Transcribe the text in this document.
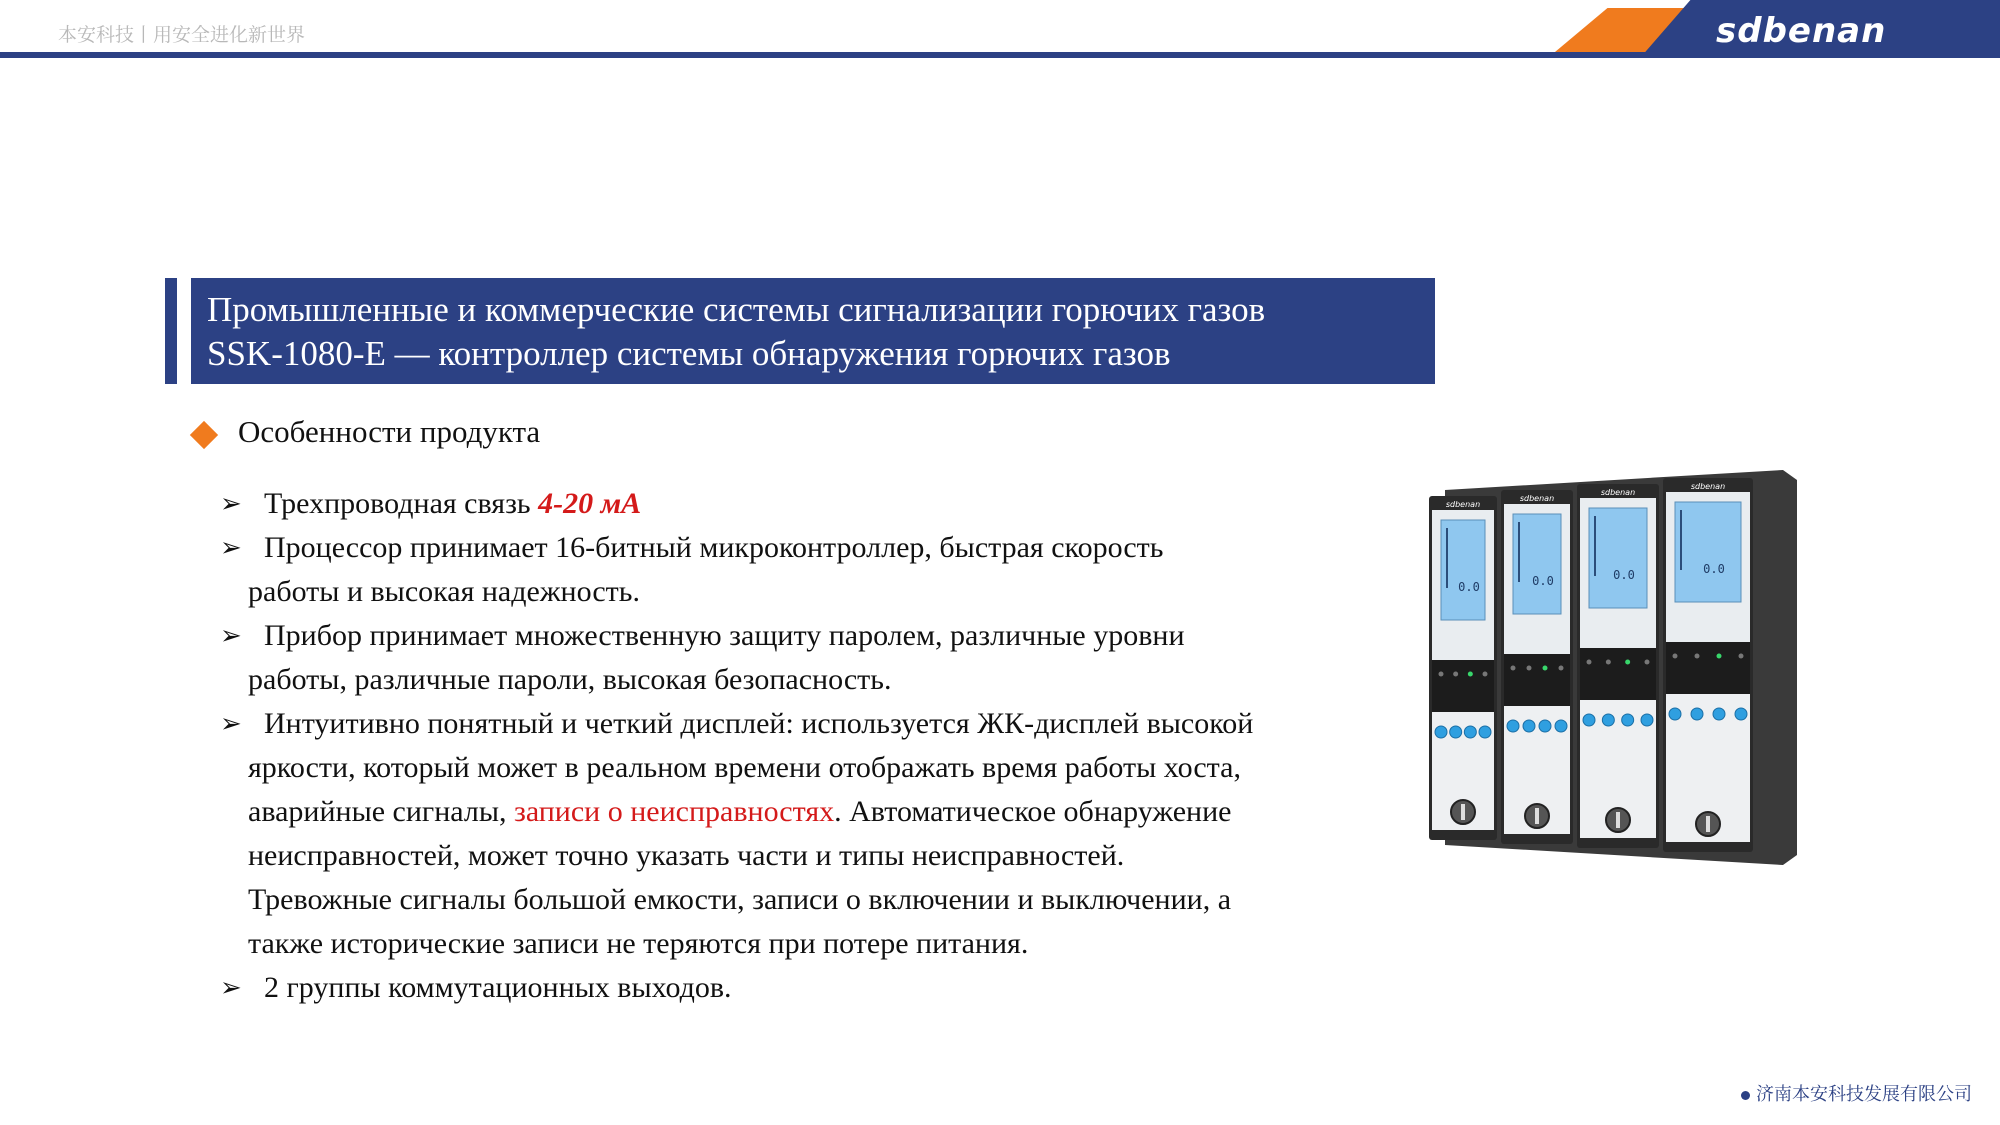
本安科技丨用安全进化新世界	sdbenan
Промышленные и коммерческие системы сигнализации горючих газов
SSK-1080-E — контроллер системы обнаружения горючих газов
Особенности продукта
➢ Трехпроводная связь 4-20 мА
➢ Процессор принимает 16-битный микроконтроллер, быстрая скорость
работы и высокая надежность.
➢ Прибор принимает множественную защиту паролем, различные уровни
работы, различные пароли, высокая безопасность.
➢ Интуитивно понятный и четкий дисплей: используется ЖК-дисплей высокой
яркости, который может в реальном времени отображать время работы хоста,
аварийные сигналы, записи о неисправностях. Автоматическое обнаружение
неисправностей, может точно указать части и типы неисправностей.
Тревожные сигналы большой емкости, записи о включении и выключении, а
также исторические записи не теряются при потере питания.
➢ 2 группы коммутационных выходов.
sdbenan
0.0
sdbenan
0.0
sdbenan
0.0
sdbenan
0.0
济南本安科技发展有限公司
